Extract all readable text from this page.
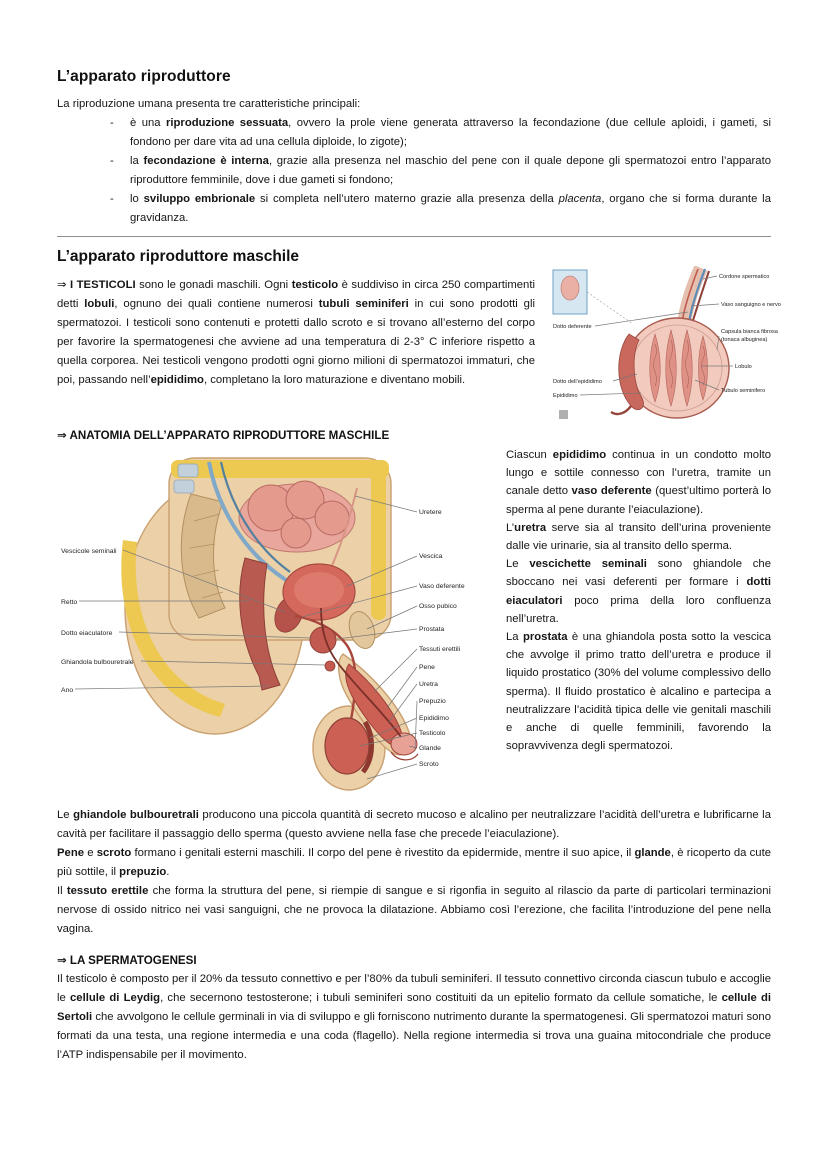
L’apparato riproduttore

La riproduzione umana presenta tre caratteristiche principali:

- è una riproduzione sessuata, ovvero la prole viene generata attraverso la fecondazione (due cellule aploidi, i gameti, si fondono per dare vita ad una cellula diploide, lo zigote);
- la fecondazione è interna, grazie alla presenza nel maschio del pene con il quale depone gli spermatozoi entro l’apparato riproduttore femminile, dove i due gameti si fondono;
- lo sviluppo embrionale si completa nell’utero materno grazie alla presenza della placenta, organo che si forma durante la gravidanza.
L’apparato riproduttore maschile
Dotto deferente
Dotto dell’epididimo
Epididimo
Cordone spermatico
Vaso sanguigno e nervo
Capsula bianca fibrosa
(tonaca albuginea)
Lobulo
Tubulo seminifero

⇒ I TESTICOLI sono le gonadi maschili. Ogni testicolo è suddiviso in circa 250 compartimenti detti lobuli, ognuno dei quali contiene numerosi tubuli seminiferi in cui sono prodotti gli spermatozoi. I testicoli sono contenuti e protetti dallo scroto e si trovano all’esterno del corpo per favorire la spermatogenesi che avviene ad una temperatura di 2-3° C inferiore rispetto a quella corporea. Nei testicoli vengono prodotti ogni giorno milioni di spermatozoi immaturi, che poi, passando nell’epididimo, completano la loro maturazione e diventano mobili.

⇒ ANATOMIA DELL’APPARATO RIPRODUTTORE MASCHILE
Vescicole seminali
Retto
Dotto eiaculatore
Ghiandola bulbouretrale
Ano
Uretere
Vescica
Vaso deferente
Osso pubico
Prostata
Tessuti erettili
Pene
Uretra
Prepuzio
Epididimo
Testicolo
Glande
Scroto

Ciascun epididimo continua in un condotto molto lungo e sottile connesso con l’uretra, tramite un canale detto vaso deferente (quest’ultimo porterà lo sperma al pene durante l’eiaculazione).

L’uretra serve sia al transito dell’urina proveniente dalle vie urinarie, sia al transito dello sperma.

Le vescichette seminali sono ghiandole che sboccano nei vasi deferenti per formare i dotti eiaculatori poco prima della loro confluenza nell’uretra.

La prostata è una ghiandola posta sotto la vescica che avvolge il primo tratto dell’uretra e produce il liquido prostatico (30% del volume complessivo dello sperma). Il fluido prostatico è alcalino e partecipa a neutralizzare l’acidità tipica delle vie genitali maschili e anche di quelle femminili, favorendo la sopravvivenza degli spermatozoi.

Le ghiandole bulbouretrali producono una piccola quantità di secreto mucoso e alcalino per neutralizzare l’acidità dell’uretra e lubrificarne la cavità per facilitare il passaggio dello sperma (questo avviene nella fase che precede l’eiaculazione).

Pene e scroto formano i genitali esterni maschili. Il corpo del pene è rivestito da epidermide, mentre il suo apice, il glande, è ricoperto da cute più sottile, il prepuzio.

Il tessuto erettile che forma la struttura del pene, si riempie di sangue e si rigonfia in seguito al rilascio da parte di particolari terminazioni nervose di ossido nitrico nei vasi sanguigni, che ne provoca la dilatazione. Abbiamo così l’erezione, che facilita l’introduzione del pene nella vagina.

⇒ LA SPERMATOGENESI

Il testicolo è composto per il 20% da tessuto connettivo e per l’80% da tubuli seminiferi. Il tessuto connettivo circonda ciascun tubulo e accoglie le cellule di Leydig, che secernono testosterone; i tubuli seminiferi sono costituiti da un epitelio formato da cellule somatiche, le cellule di Sertoli che avvolgono le cellule germinali in via di sviluppo e gli forniscono nutrimento durante la spermatogenesi. Gli spermatozoi maturi sono formati da una testa, una regione intermedia e una coda (flagello). Nella regione intermedia si trova una guaina mitocondriale che produce l’ATP indispensabile per il movimento.
